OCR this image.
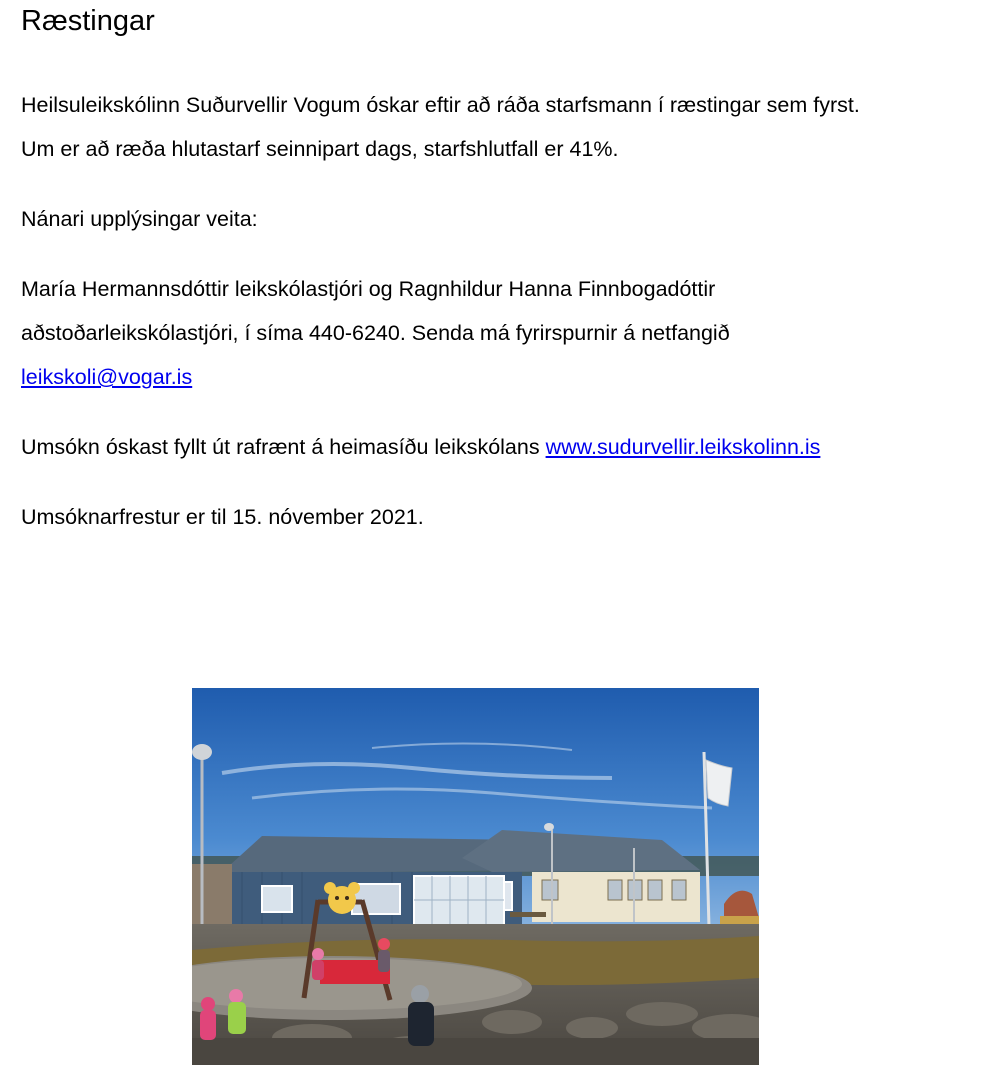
Ræstingar

Heilsuleikskólinn Suðurvellir Vogum óskar eftir að ráða starfsmann í ræstingar sem fyrst.

Um er að ræða hlutastarf seinnipart dags, starfshlutfall er 41%.

Nánari upplýsingar veita:

María Hermannsdóttir leikskólastjóri og Ragnhildur Hanna Finnbogadóttir

aðstoðarleikskólastjóri, í síma 440-6240. Senda má fyrirspurnir á netfangið

leikskoli@vogar.is

Umsókn óskast fyllt út rafrænt á heimasíðu leikskólans www.sudurvellir.leikskolinn.is

Umsóknarfrestur er til 15. nóvember 2021.
